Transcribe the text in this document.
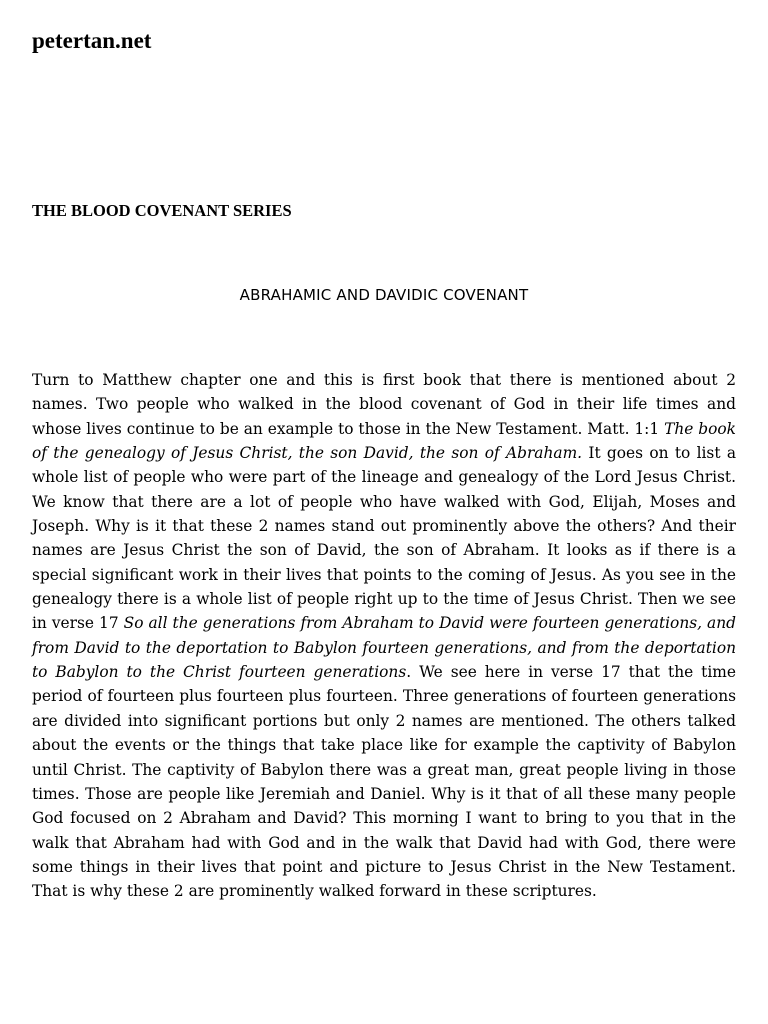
petertan.net
THE BLOOD COVENANT SERIES
ABRAHAMIC AND DAVIDIC COVENANT

Turn to Matthew chapter one and this is first book that there is mentioned about 2 names. Two people who walked in the blood covenant of God in their life times and whose lives continue to be an example to those in the New Testament. Matt. 1:1 The book of the genealogy of Jesus Christ, the son David, the son of Abraham. It goes on to list a whole list of people who were part of the lineage and genealogy of the Lord Jesus Christ. We know that there are a lot of people who have walked with God, Elijah, Moses and Joseph. Why is it that these 2 names stand out prominently above the others? And their names are Jesus Christ the son of David, the son of Abraham. It looks as if there is a special significant work in their lives that points to the coming of Jesus. As you see in the genealogy there is a whole list of people right up to the time of Jesus Christ. Then we see in verse 17 So all the generations from Abraham to David were fourteen generations, and from David to the deportation to Babylon fourteen generations, and from the deportation to Babylon to the Christ fourteen generations. We see here in verse 17 that the time period of fourteen plus fourteen plus fourteen. Three generations of fourteen generations are divided into significant portions but only 2 names are mentioned. The others talked about the events or the things that take place like for example the captivity of Babylon until Christ. The captivity of Babylon there was a great man, great people living in those times. Those are people like Jeremiah and Daniel. Why is it that of all these many people God focused on 2 Abraham and David? This morning I want to bring to you that in the walk that Abraham had with God and in the walk that David had with God, there were some things in their lives that point and picture to Jesus Christ in the New Testament. That is why these 2 are prominently walked forward in these scriptures.
